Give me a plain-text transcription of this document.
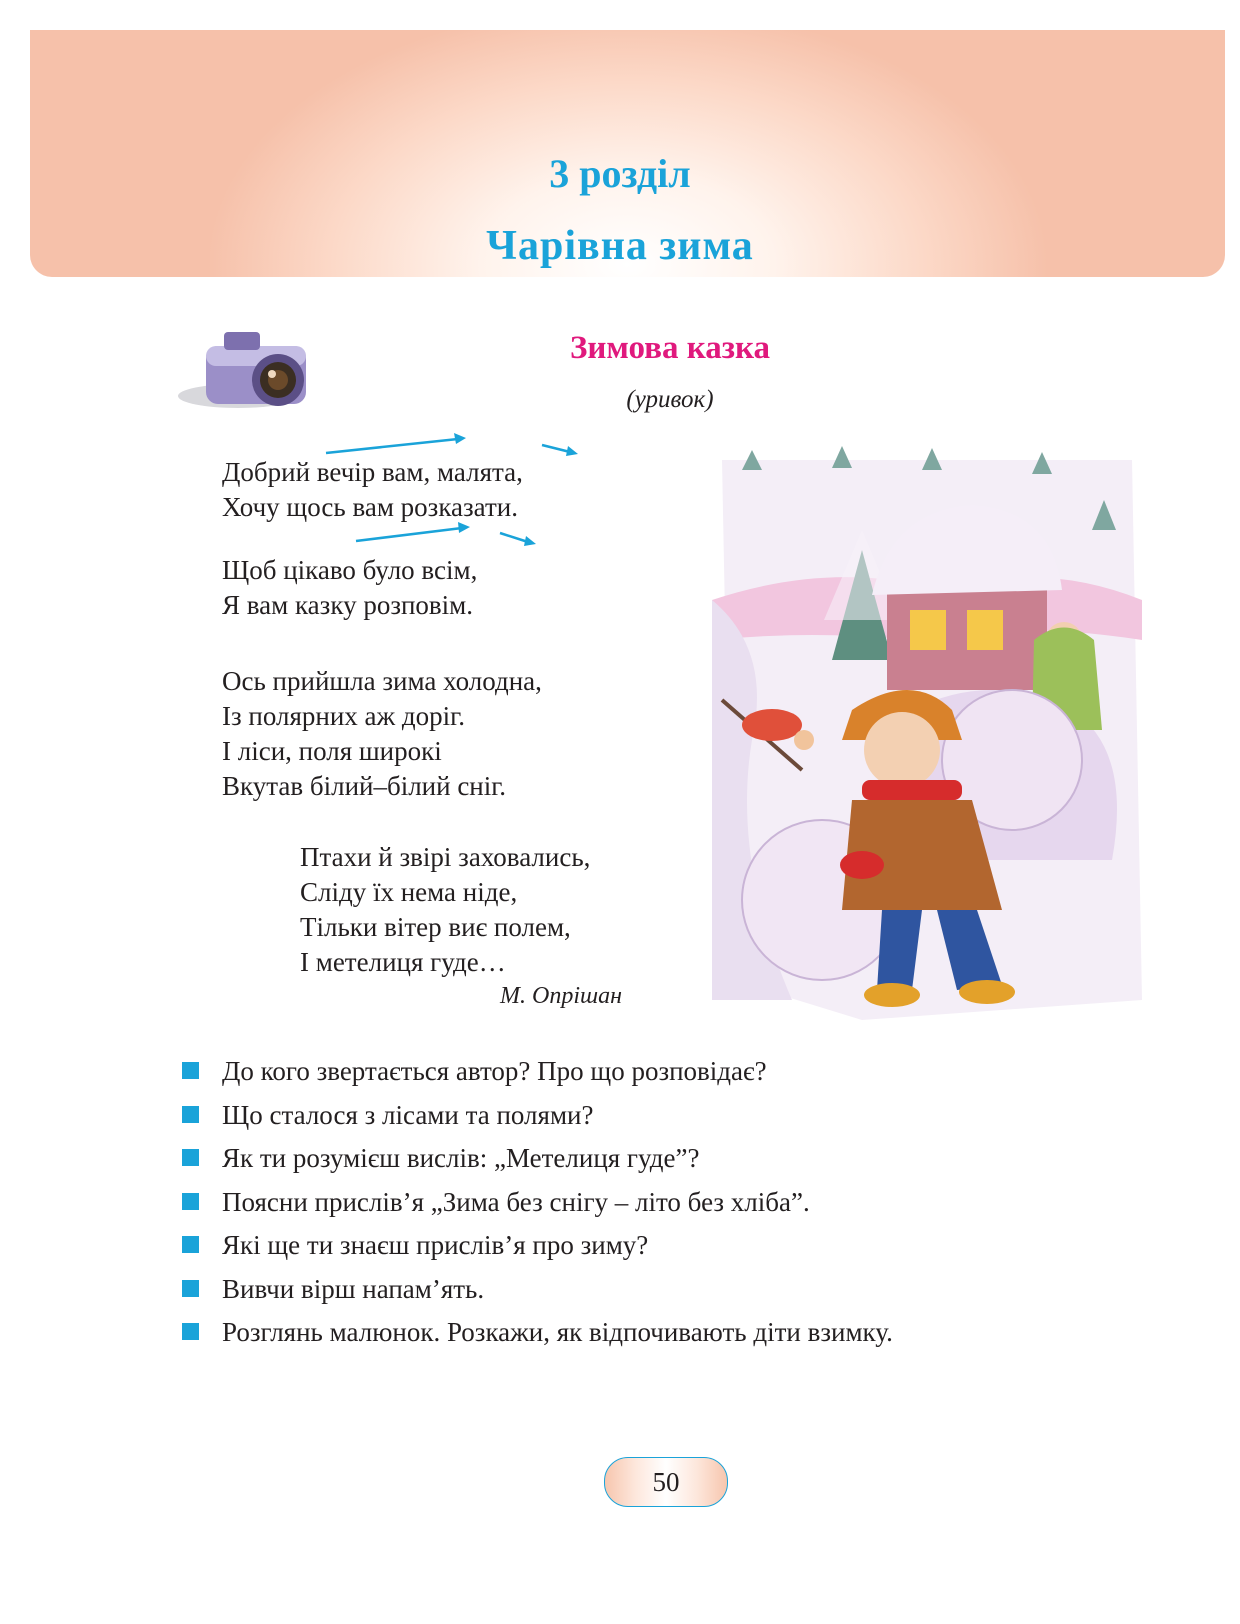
3 розділ
Чарівна зима
Зимова казка
(уривок)
Добрий вечір вам, малята,
Хочу щось вам розказати.
Щоб цікаво було всім,
Я вам казку розповім.
Ось прийшла зима холодна,
Із полярних аж доріг.
І ліси, поля широкі
Вкутав білий–білий сніг.
Птахи й звірі заховались,
Сліду їх нема ніде,
Тільки вітер виє полем,
І метелиця гуде…
М. Опрішан
До кого звертається автор? Про що розповідає?
Що сталося з лісами та полями?
Як ти розумієш вислів: „Метелиця гуде”?
Поясни прислів’я „Зима без снігу – літо без хліба”.
Які ще ти знаєш прислів’я про зиму?
Вивчи вірш напам’ять.
Розглянь малюнок. Розкажи, як відпочивають діти взимку.
50
